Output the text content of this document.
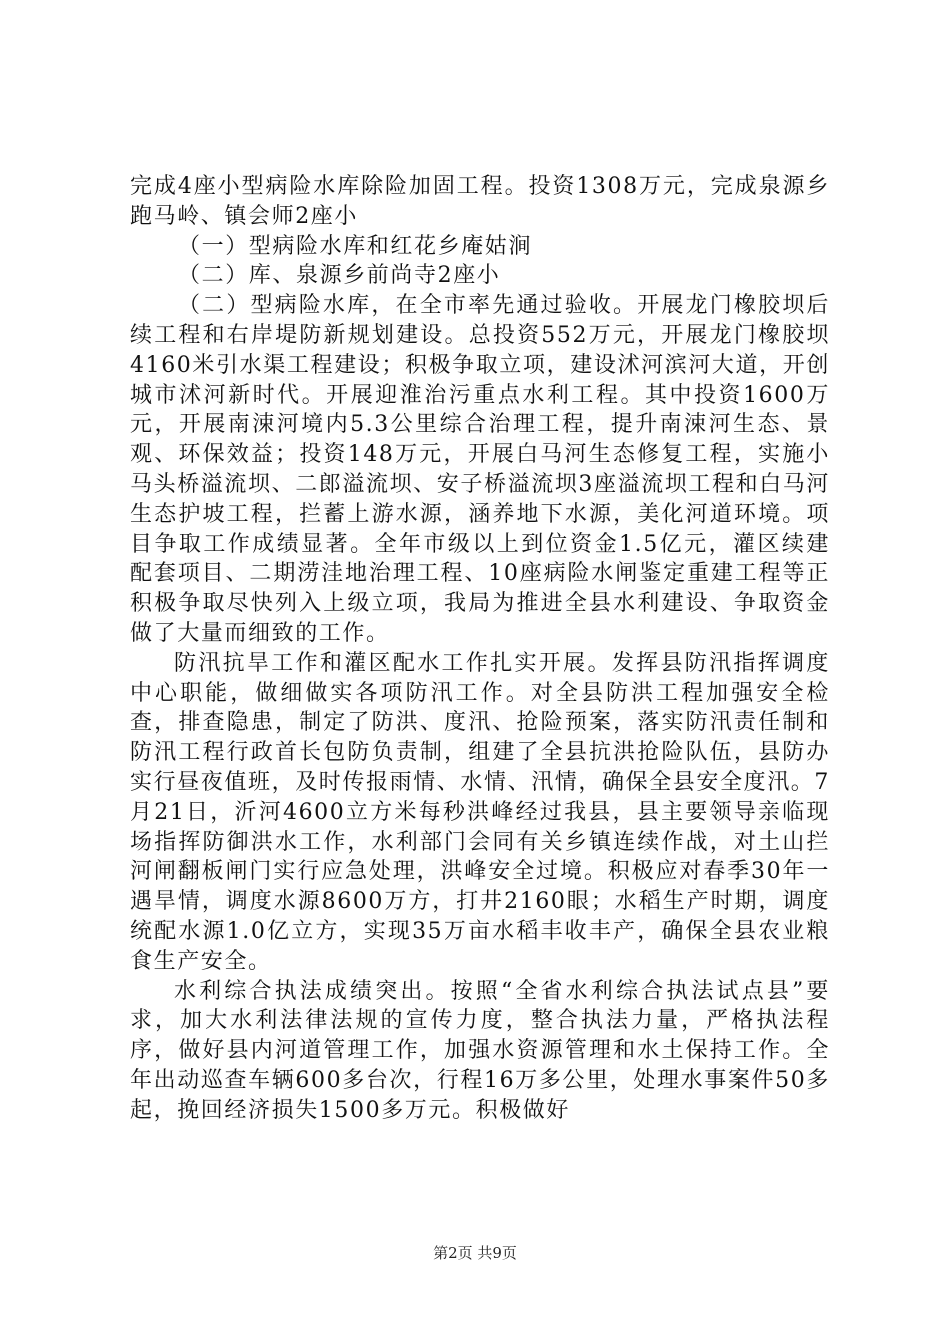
完成4座小型病险水库除险加固工程。投资1308万元，完成泉源乡跑马岭、镇会师2座小

（一）型病险水库和红花乡庵姑涧

（二）库、泉源乡前尚寺2座小

（二）型病险水库，在全市率先通过验收。开展龙门橡胶坝后续工程和右岸堤防新规划建设。总投资552万元，开展龙门橡胶坝4160米引水渠工程建设；积极争取立项，建设沭河滨河大道，开创城市沭河新时代。开展迎淮治污重点水利工程。其中投资1600万元，开展南涑河境内5.3公里综合治理工程，提升南涑河生态、景观、环保效益；投资148万元，开展白马河生态修复工程，实施小马头桥溢流坝、二郎溢流坝、安子桥溢流坝3座溢流坝工程和白马河生态护坡工程，拦蓄上游水源，涵养地下水源，美化河道环境。项目争取工作成绩显著。全年市级以上到位资金1.5亿元，灌区续建配套项目、二期涝洼地治理工程、10座病险水闸鉴定重建工程等正积极争取尽快列入上级立项，我局为推进全县水利建设、争取资金做了大量而细致的工作。

防汛抗旱工作和灌区配水工作扎实开展。发挥县防汛指挥调度中心职能，做细做实各项防汛工作。对全县防洪工程加强安全检查，排查隐患，制定了防洪、度汛、抢险预案，落实防汛责任制和防汛工程行政首长包防负责制，组建了全县抗洪抢险队伍，县防办实行昼夜值班，及时传报雨情、水情、汛情，确保全县安全度汛。7月21日，沂河4600立方米每秒洪峰经过我县，县主要领导亲临现场指挥防御洪水工作，水利部门会同有关乡镇连续作战，对土山拦河闸翻板闸门实行应急处理，洪峰安全过境。积极应对春季30年一遇旱情，调度水源8600万方，打井2160眼；水稻生产时期，调度统配水源1.0亿立方，实现35万亩水稻丰收丰产，确保全县农业粮食生产安全。

水利综合执法成绩突出。按照“全省水利综合执法试点县”要求，加大水利法律法规的宣传力度，整合执法力量，严格执法程序，做好县内河道管理工作，加强水资源管理和水土保持工作。全年出动巡查车辆600多台次，行程16万多公里，处理水事案件50多起，挽回经济损失1500多万元。积极做好

第2页 共9页
